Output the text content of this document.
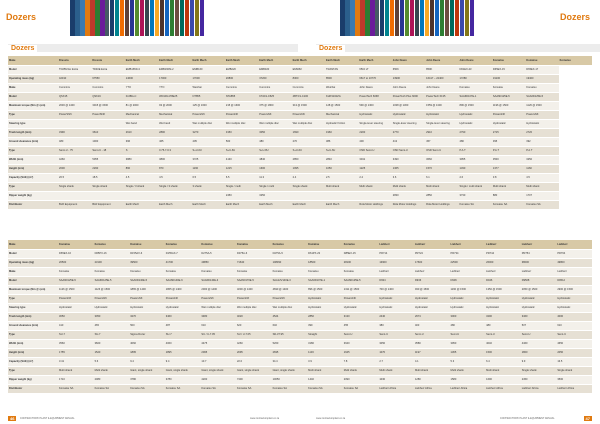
Dozers	Dozers
Dozers	Dozers
Make	Dressta	Dressta	Earth Mech	Earth Mech	Earth Mech	Earth Mech	Earth Mech	Earth Mech	Earth Mech	Earth Mech	John Deere	John Deere	John Deere	Komatsu	Komatsu	Komatsu
Model	TD25M Ex Extra	TD40E Extra	EMB165D-3	EMB160M-2	EMB160	EMB220	EMB320	EM90M	TRANTAN	650J LT	650K	850K	D61EX-23	D65EX-15	D65EX-17	
Operating mass (kg)	42010	67550	14600	17000	17000	20800	37200	8300	8500	6617 to 10770	13900	16417 – 22400	17280	19100	19400	
Make	Cummins	Cummins	YTO	YTO	Weichai	Cummins	Cummins	Cummins	Weichai	John Deere	John Deere	John Deere	Komatsu	Komatsu	Komatsu	
Model	QSX15	QSK19	D-6BG-C	WD10G178E25	NT855	NTA855	KTA19-C525	4BT3.9-C100	KHP4102ZG	PowerTech 6068	PowerTech Plus 6090	PowerTech 6135	SAA6D107E-1	SAA6D125E-5	SAA6D125E-5	
Maximum torque (Nm @ rpm)	2030 @ 1400	3015 @ 1500	81 @ 2000	93 @ 2000	125 @ 1600	215 @ 1600	375 @ 1800	313 @ 1500	128 @ 1500	590 @ 1300	1038 @ 1300	1559 @ 1300	896 @ 1500	1196 @ 1500	1126 @ 1500	
Type	PowerShift	PowerShift	Mechanical	Mechanical	Powershift	Powershift	Powershift	Powershift	Mechanical	Hydrostatic	Hydrostatic	Hydrostatic	Hydrostatic	Powershift	Powershift	
Steering type			Wet band	Wet band	Wet multiple disc	Wet multiple disc	Wet multiple disc	Wet multiple disc	Hydraulic friction	Single-lever steering	Single-lever steering	Single-lever steering	Hydrostatic	Hydrostatic	Hydrostatic	
Track length (mm)	3390	3610	2610	2890	3270	3150	3050	1690	1960	2200	2770	2910	2790	2715	2720	
Ground clearance (mm)	480	1000	396	465	405	500	480	270	386	400	413	457	480	395	392	
Type	Semi-U - 75	Semi-U - 18	S	0.75-7-6.3	S+U-6U	S+U-6U	S+U-8U	S+U-6U	S+U-6U	OSD Semi-U	OSD Semi-U	OSD Semi-U	P.A.T	P.A.T	P.A.T	
Width (mm)	4260	5055	3880	3800	3725	4130	4840	2850	2840	3041	3490	3660	3955	3500	3250	
Height (mm)	2000	2290	860	870	1160	1215	1600	1095	1050	1225	1365	1570	1330	1377	1160	
Capacity (SAE) (m³)	20.5	18.5	4.5	4.5	6.5	6.5	11.3	2.4	2.5	2.4	3.6	6.1	2.6	3.8	4.5	
Type	Single shank	Single shank	Single / 3 shank	Single / 3 shank	3 shank	Single / multi	Single / multi	Single shank	Multi shank	Multi shank	Multi shank	Multi shank	Single / multi shank	Multi shank	Multi shank	
Ripper weight (kg)						2450	3250				2830	2850	3730	880	1707	
Distributor	BLR Equipment	BLR Equipment	Earth Mech	Earth Mech	Earth Mech	Earth Mech	Earth Mech	Earth Mech	Earth Mech	Rola Motor Holdings	Rola Motor Holdings	Rola Motor Holdings	Komatsu SA	Komatsu SA	Komatsu SA	
Make	Komatsu	Komatsu	Komatsu	Komatsu	Komatsu	Komatsu	Komatsu	Komatsu	Komatsu	Liebherr	Liebherr	Liebherr	Liebherr	Liebherr	Liebherr
Model	D65EX-16	D65PX-16	D155AX-6	D155AX-7	D275A-5	D375A-6	D475A-5	D61PX-23	D85EX-15	PR714	PR724	PR734	PR744	PR754	PR764
Operating mass (kg)	20500	23100	39500	41700	49850	71640	108390	18500	28100	13900	17600	22500	26000	38000	49800
Make	Komatsu	Komatsu	Komatsu	Komatsu	Komatsu	Komatsu	Komatsu	Komatsu	Komatsu	Liebherr	Liebherr	Liebherr	Liebherr	Liebherr	Liebherr
Model	SAA6D125E-5	SAA6D125E-5	SAA6D140E-5	SAA6D140E-6	SAA6D140E-3	SAA6D170E-5	SAA12V140E-3	SAA6D107E-1	SAA6D125E-5	D934	D936	D936	D946	D9508	D9512
Maximum torque (Nm @ rpm)	1126 @ 1500	1126 @ 1500	1865 @ 1400	1865 @ 1400	2000 @ 1400	3200 @ 1400	4690 @ 1400	896 @ 1500	1311 @ 1500	700 @ 1400	930 @ 1500	1160 @ 1500	1350 @ 1500	2050 @ 1500	2900 @ 1500
Type	Powershift	Powershift	Powershift	Powershift	Powershift	Powershift	Powershift	Hydrostatic	Powershift	Hydrostatic	Hydrostatic	Hydrostatic	Hydrostatic	Hydrostatic	Hydrostatic
Steering type	Hydrostatic	Hydrostatic	Hydrostatic	Hydrostatic	Wet multiple disc	Wet multiple disc	Wet multiple disc	Hydrostatic	Hydrostatic	Hydrostatic	Hydrostatic	Hydrostatic	Hydrostatic	Hydrostatic	Hydrostatic
Track length (mm)	3050	3050	3270	3460	3480	4020	4524	2850	3130	2440	2674	3000	3290	3460	4000
Ground clearance (mm)	410	465	500	487	610	620	640	399	455	380	403	480	480	537	610
Type	SU-7	SU-7	Sigma Dozer	SU-7	SU / U-7.05	SU / U-7.05	SD-37.95	Straight	Semi-U	Semi-U	Semi-U	Semi-U	Semi-U	Semi-U	Semi-U
Width (mm)	3560	3820	4060	4060	4475	4260	5260	3180	3640	3050	3580	3950	4040	4460	4650
Height (mm)	1755	1520	1895	1895	2095	2095	2695	1133	1645	1070	1197	1365	1500	1800	2050
Capacity (SAE) (m³)	3.41	5.6	9.4	9.4	13.7	22.0	34.4	3.9	7.8	2.7	4.1	5.3	6.4	9.9	13.5
Type	Multi shank	Multi shank	Giant, single shank	Giant, single shank	Giant, single shank	Giant, single shank	Giant, single shank	Multi shank	Multi shank	Multi shank	Multi shank	Multi shank	Multi shank	Single shank	Single shank
Ripper weight (kg)	1710	2080	3780	3780	4200	7400	10050	1440	2090	1030	1280	1580	1690	2450	3500
Distributor	Komatsu SA	Komatsu SA	Komatsu SA	Komatsu SA	Komatsu SA	Komatsu SA	Komatsu SA	Komatsu SA	Komatsu SA	Liebherr Africa	Liebherr Africa	Liebherr Africa	Liebherr Africa	Liebherr Africa	Liebherr Africa
46	CONTRACTORS' PLANT & EQUIPMENT ANNUAL	www.contractorsplant.co.za	www.contractorsplant.co.za	CONTRACTORS' PLANT & EQUIPMENT ANNUAL	47
